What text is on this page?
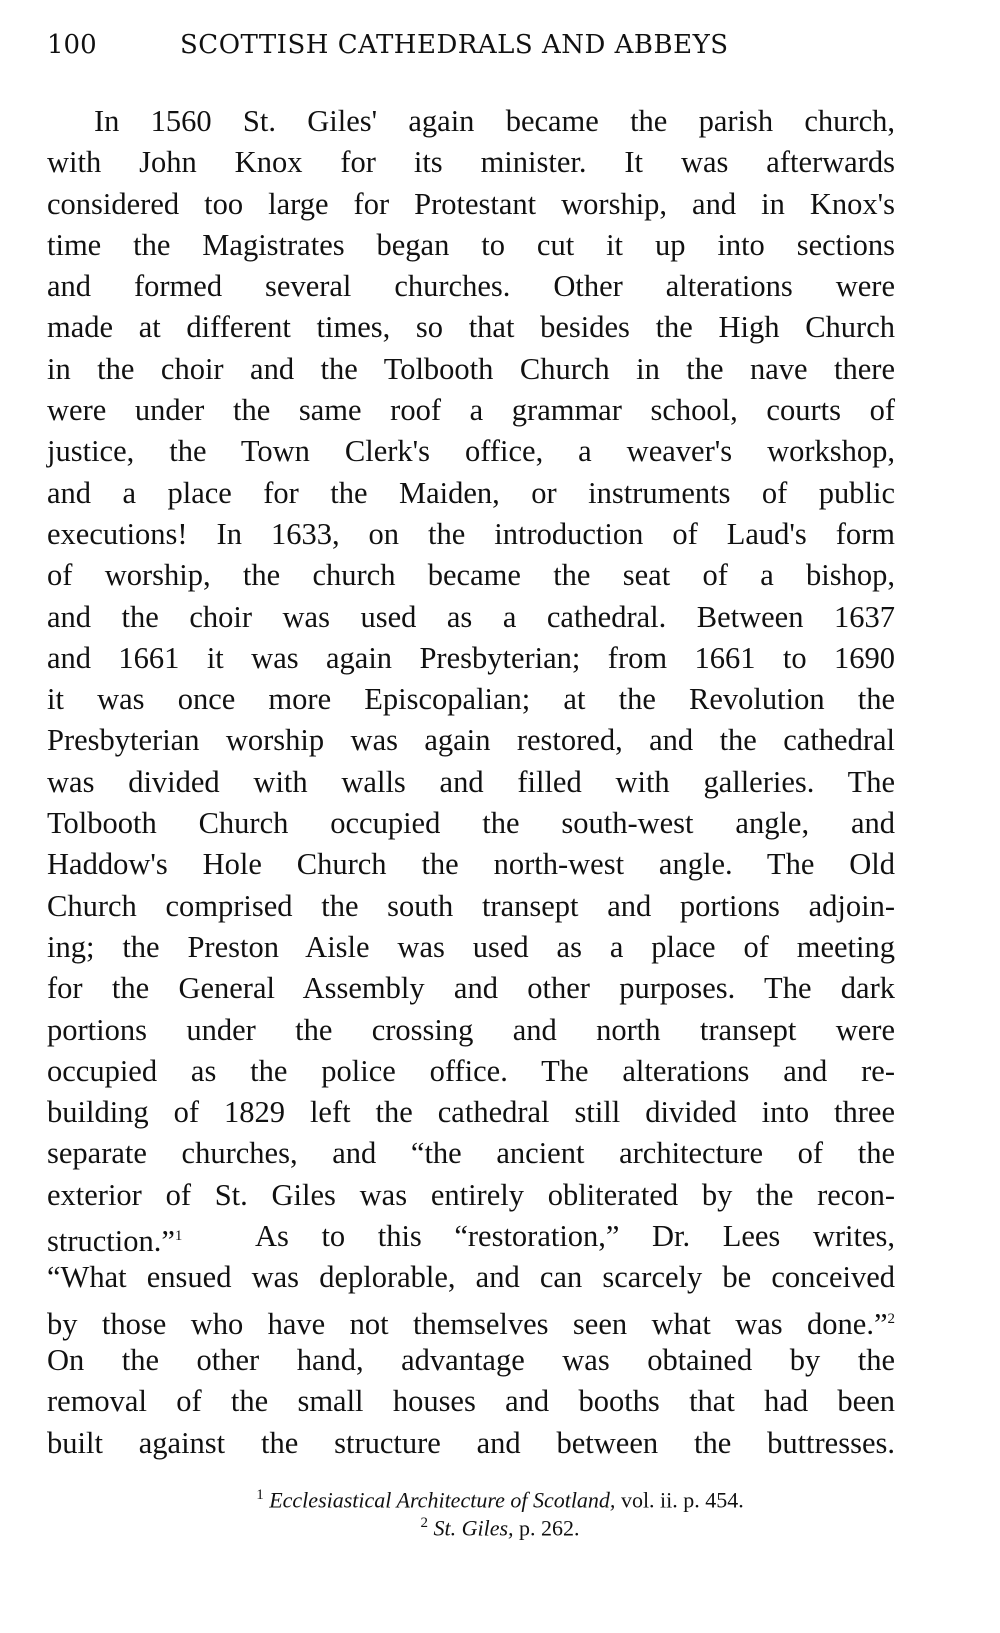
100	SCOTTISH CATHEDRALS AND ABBEYS
In 1560 St. Giles' again became the parish church,
with John Knox for its minister. It was afterwards
considered too large for Protestant worship, and in Knox's
time the Magistrates began to cut it up into sections
and formed several churches. Other alterations were
made at different times, so that besides the High Church
in the choir and the Tolbooth Church in the nave there
were under the same roof a grammar school, courts of
justice, the Town Clerk's office, a weaver's workshop,
and a place for the Maiden, or instruments of public
executions! In 1633, on the introduction of Laud's form
of worship, the church became the seat of a bishop,
and the choir was used as a cathedral. Between 1637
and 1661 it was again Presbyterian; from 1661 to 1690
it was once more Episcopalian; at the Revolution the
Presbyterian worship was again restored, and the cathedral
was divided with walls and filled with galleries. The
Tolbooth Church occupied the south-west angle, and
Haddow's Hole Church the north-west angle. The Old
Church comprised the south transept and portions adjoin-
ing; the Preston Aisle was used as a place of meeting
for the General Assembly and other purposes. The dark
portions under the crossing and north transept were
occupied as the police office. The alterations and re-
building of 1829 left the cathedral still divided into three
separate churches, and “the ancient architecture of the
exterior of St. Giles was entirely obliterated by the recon-
struction.”$^1$ As to this “restoration,” Dr. Lees writes,
“What ensued was deplorable, and can scarcely be conceived
by those who have not themselves seen what was done.”$^2$
On the other hand, advantage was obtained by the
removal of the small houses and booths that had been
built against the structure and between the buttresses.
$^1$ Ecclesiastical Architecture of Scotland, vol. ii. p. 454.
$^2$ St. Giles, p. 262.
